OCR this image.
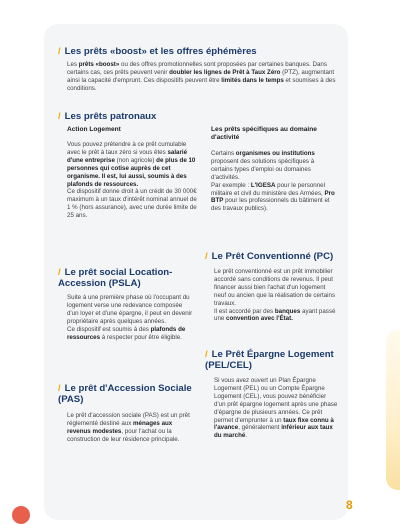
/ Les prêts «boost» et les offres éphémères

Les prêts «boost» ou des offres promotionnelles sont proposées par certaines banques. Dans certains cas, ces prêts peuvent venir doubler les lignes de Prêt à Taux Zéro (PTZ), augmentant ainsi la capacité d'emprunt. Ces dispositifs peuvent être limités dans le temps et soumises à des conditions.

/ Les prêts patronaux
Action Logement

Vous pouvez prétendre à ce prêt cumulable avec le prêt à taux zéro si vous êtes salarié d'une entreprise (non agricole) de plus de 10 personnes qui cotise auprès de cet organisme. Il est, lui aussi, soumis à des plafonds de ressources.
Ce dispositif donne droit à un crédit de 30 000€ maximum à un taux d'intérêt nominal annuel de 1 % (hors assurance), avec une durée limite de 25 ans.

Les prêts spécifiques au domaine d'activité

Certains organismes ou institutions proposent des solutions spécifiques à certains types d'emploi ou domaines d'activités.
Par exemple : L'IGESA pour le personnel militaire et civil du ministère des Armées, Pro BTP pour les professionnels du bâtiment et des travaux publics).

/ Le prêt social Location-Accession (PSLA)

Suite à une première phase où l'occupant du logement verse une redevance composée d'un loyer et d'une épargne, il peut en devenir propriétaire après quelques années.
Ce dispositif est soumis à des plafonds de ressources à respecter pour être éligible.

/ Le Prêt Conventionné (PC)

Le prêt conventionné est un prêt immobilier accordé sans conditions de revenus. Il peut financer aussi bien l'achat d'un logement neuf ou ancien que la réalisation de certains travaux.
Il est accordé par des banques ayant passé une convention avec l'État.

/ Le prêt d'Accession Sociale (PAS)

Le prêt d'accession sociale (PAS) est un prêt réglementé destiné aux ménages aux revenus modestes, pour l'achat ou la construction de leur résidence principale.

/ Le Prêt Épargne Logement (PEL/CEL)

Si vous avez ouvert un Plan Épargne Logement (PEL) ou un Compte Épargne Logement (CEL), vous pouvez bénéficier d'un prêt épargne logement après une phase d'épargne de plusieurs années. Ce prêt permet d'emprunter à un taux fixe connu à l'avance, généralement inférieur aux taux du marché.

8
